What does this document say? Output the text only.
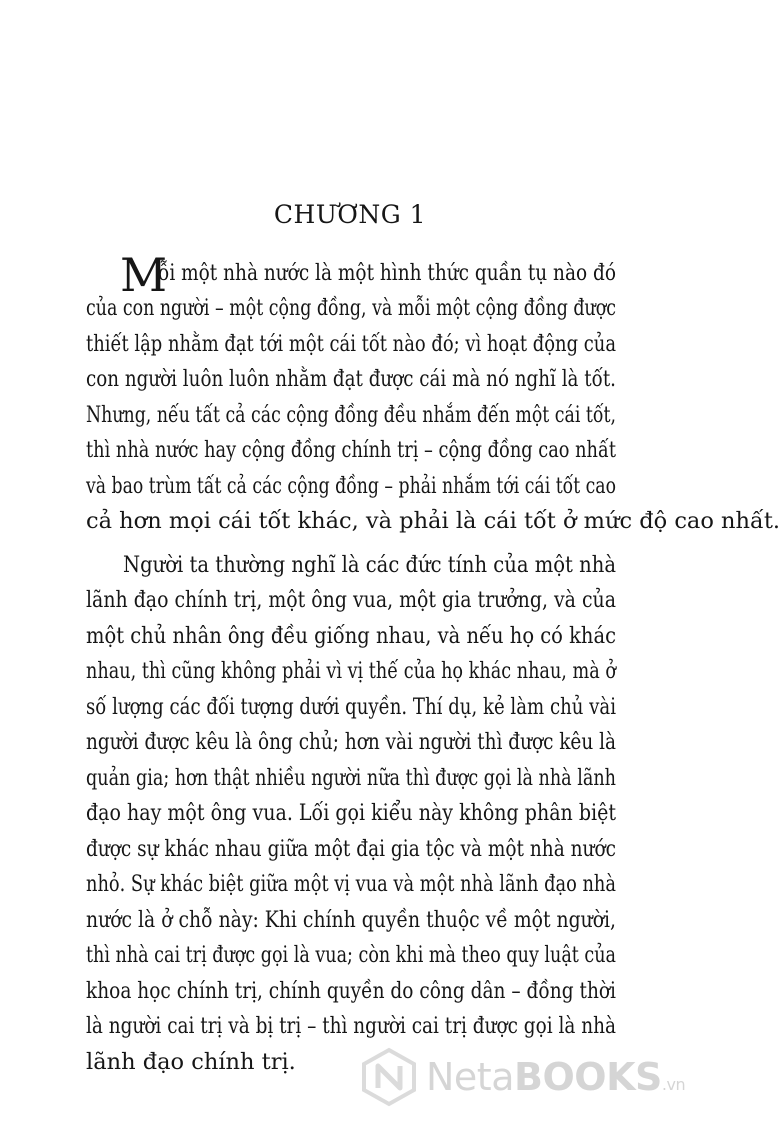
CHƯƠNG 1
M
ỗi một nhà nước là một hình thức quần tụ nào đó
của con người – một cộng đồng, và mỗi một cộng đồng được
thiết lập nhằm đạt tới một cái tốt nào đó; vì hoạt động của
con người luôn luôn nhằm đạt được cái mà nó nghĩ là tốt.
Nhưng, nếu tất cả các cộng đồng đều nhắm đến một cái tốt,
thì nhà nước hay cộng đồng chính trị – cộng đồng cao nhất
và bao trùm tất cả các cộng đồng – phải nhắm tới cái tốt cao
cả hơn mọi cái tốt khác, và phải là cái tốt ở mức độ cao nhất.
Người ta thường nghĩ là các đức tính của một nhà
lãnh đạo chính trị, một ông vua, một gia trưởng, và của
một chủ nhân ông đều giống nhau, và nếu họ có khác
nhau, thì cũng không phải vì vị thế của họ khác nhau, mà ở
số lượng các đối tượng dưới quyền. Thí dụ, kẻ làm chủ vài
người được kêu là ông chủ; hơn vài người thì được kêu là
quản gia; hơn thật nhiều người nữa thì được gọi là nhà lãnh
đạo hay một ông vua. Lối gọi kiểu này không phân biệt
được sự khác nhau giữa một đại gia tộc và một nhà nước
nhỏ. Sự khác biệt giữa một vị vua và một nhà lãnh đạo nhà
nước là ở chỗ này: Khi chính quyền thuộc về một người,
thì nhà cai trị được gọi là vua; còn khi mà theo quy luật của
khoa học chính trị, chính quyền do công dân – đồng thời
là người cai trị và bị trị – thì người cai trị được gọi là nhà
lãnh đạo chính trị.	NetaBOOKS.vn
